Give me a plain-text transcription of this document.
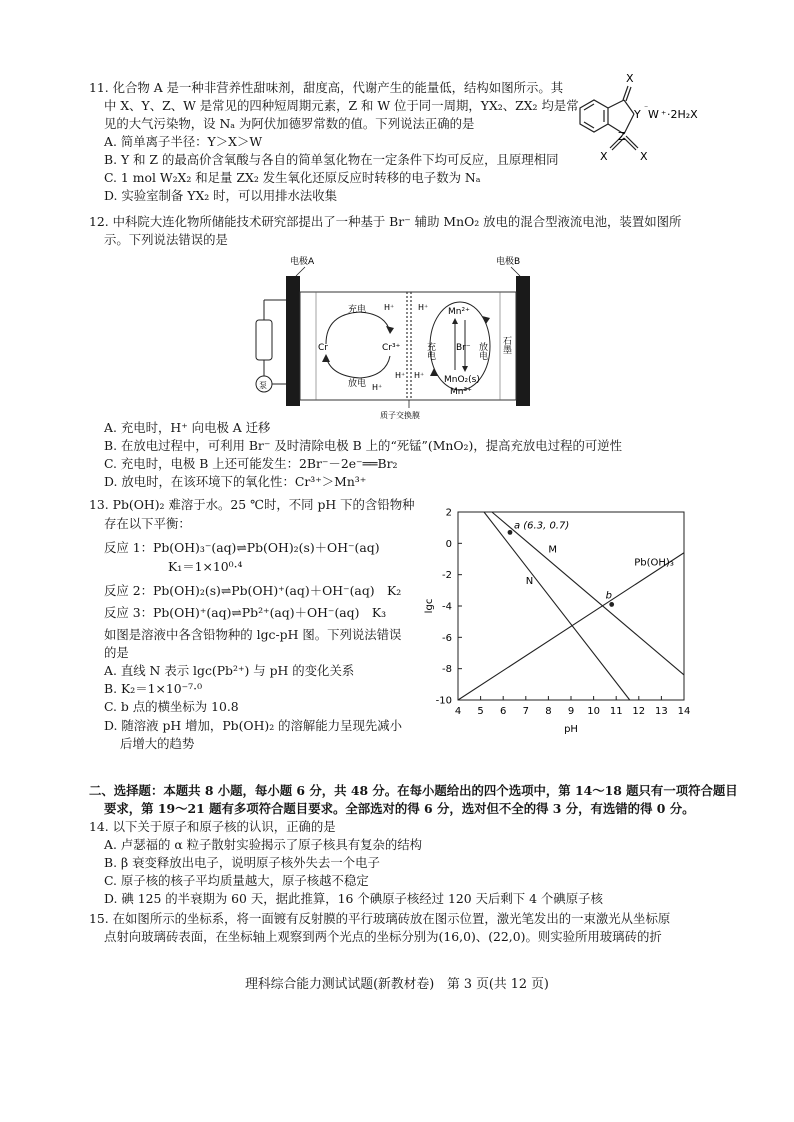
11. 化合物 A 是一种非营养性甜味剂，甜度高，代谢产生的能量低，结构如图所示。其
中 X、Y、Z、W 是常见的四种短周期元素，Z 和 W 位于同一周期，YX₂、ZX₂ 均是常
见的大气污染物，设 Nₐ 为阿伏加德罗常数的值。下列说法正确的是
A. 简单离子半径：Y＞X＞W
B. Y 和 Z 的最高价含氧酸与各自的简单氢化物在一定条件下均可反应，且原理相同
C. 1 mol W₂X₂ 和足量 ZX₂ 发生氧化还原反应时转移的电子数为 Nₐ
D. 实验室制备 YX₂ 时，可以用排水法收集
X
Y
⁻
W ⁺ ·2H₂X
Z
X	X
12. 中科院大连化物所储能技术研究部提出了一种基于 Br⁻ 辅助 MnO₂ 放电的混合型液流电池，装置如图所
示。下列说法错误的是
电极A	电极B
充电
放电
Cr	Cr³⁺
H⁺
H⁺
H⁺
H⁺
H⁺
Mn²⁺
Br⁻
MnO₂(s)
Mn³⁺
充电	放电 石墨
泵
质子交换膜
A. 充电时，H⁺ 向电极 A 迁移
B. 在放电过程中，可利用 Br⁻ 及时清除电极 B 上的“死锰”(MnO₂)，提高充放电过程的可逆性
C. 充电时，电极 B 上还可能发生：2Br⁻－2e⁻══Br₂
D. 放电时，在该环境下的氧化性：Cr³⁺＞Mn³⁺
13. Pb(OH)₂ 难溶于水。25 ℃时，不同 pH 下的含铅物种
存在以下平衡：
反应 1：Pb(OH)₃⁻(aq)⇌Pb(OH)₂(s)＋OH⁻(aq)
K₁＝1×10⁰·⁴
反应 2：Pb(OH)₂(s)⇌Pb(OH)⁺(aq)＋OH⁻(aq)　K₂
反应 3：Pb(OH)⁺(aq)⇌Pb²⁺(aq)＋OH⁻(aq)　K₃
如图是溶液中各含铅物种的 lgc-pH 图。下列说法错误
的是
A. 直线 N 表示 lgc(Pb²⁺) 与 pH 的变化关系
B. K₂＝1×10⁻⁷·⁰
C. b 点的横坐标为 10.8
D. 随溶液 pH 增加，Pb(OH)₂ 的溶解能力呈现先减小
后增大的趋势
4 5 6 7 8 9 10 11 12 13 14
2
0
-2
-4
-6
-8
-10
pH
lgc
M
N
Pb(OH)₃
a (6.3, 0.7)
b
二、选择题：本题共 8 小题，每小题 6 分，共 48 分。在每小题给出的四个选项中，第 14～18 题只有一项符合题目
要求，第 19～21 题有多项符合题目要求。全部选对的得 6 分，选对但不全的得 3 分，有选错的得 0 分。
14. 以下关于原子和原子核的认识，正确的是
A. 卢瑟福的 α 粒子散射实验揭示了原子核具有复杂的结构
B. β 衰变释放出电子，说明原子核外失去一个电子
C. 原子核的核子平均质量越大，原子核越不稳定
D. 碘 125 的半衰期为 60 天，据此推算，16 个碘原子核经过 120 天后剩下 4 个碘原子核
15. 在如图所示的坐标系，将一面镀有反射膜的平行玻璃砖放在图示位置，激光笔发出的一束激光从坐标原
点射向玻璃砖表面，在坐标轴上观察到两个光点的坐标分别为(16,0)、(22,0)。则实验所用玻璃砖的折
理科综合能力测试试题(新教材卷)　第 3 页(共 12 页)
